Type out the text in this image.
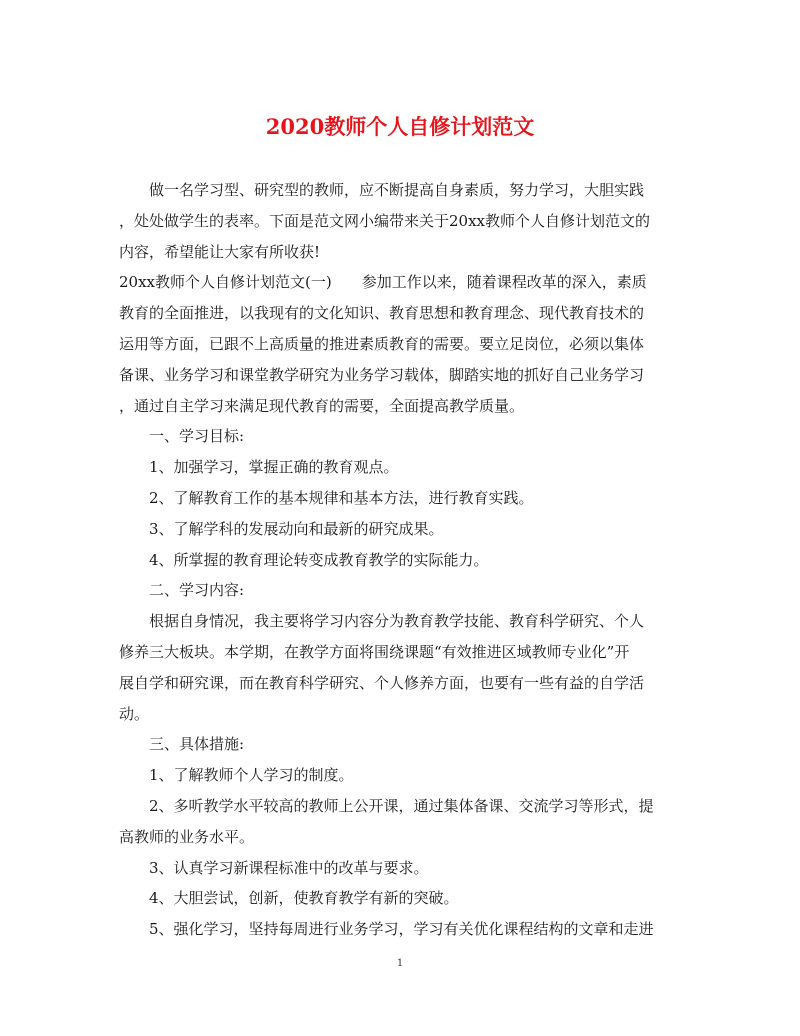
2020教师个人自修计划范文
做一名学习型、研究型的教师，应不断提高自身素质，努力学习，大胆实践
，处处做学生的表率。下面是范文网小编带来关于20xx教师个人自修计划范文的
内容，希望能让大家有所收获!
20xx教师个人自修计划范文(一)　　参加工作以来，随着课程改革的深入，素质
教育的全面推进，以我现有的文化知识、教育思想和教育理念、现代教育技术的
运用等方面，已跟不上高质量的推进素质教育的需要。要立足岗位，必须以集体
备课、业务学习和课堂教学研究为业务学习载体，脚踏实地的抓好自己业务学习
，通过自主学习来满足现代教育的需要，全面提高教学质量。
一、学习目标:
1、加强学习，掌握正确的教育观点。
2、了解教育工作的基本规律和基本方法，进行教育实践。
3、了解学科的发展动向和最新的研究成果。
4、所掌握的教育理论转变成教育教学的实际能力。
二、学习内容:
根据自身情况，我主要将学习内容分为教育教学技能、教育科学研究、个人
修养三大板块。本学期，在教学方面将围绕课题“有效推进区域教师专业化”开
展自学和研究课，而在教育科学研究、个人修养方面，也要有一些有益的自学活
动。
三、具体措施:
1、了解教师个人学习的制度。
2、多听教学水平较高的教师上公开课，通过集体备课、交流学习等形式，提
高教师的业务水平。
3、认真学习新课程标准中的改革与要求。
4、大胆尝试，创新，使教育教学有新的突破。
5、强化学习，坚持每周进行业务学习，学习有关优化课程结构的文章和走进
1
